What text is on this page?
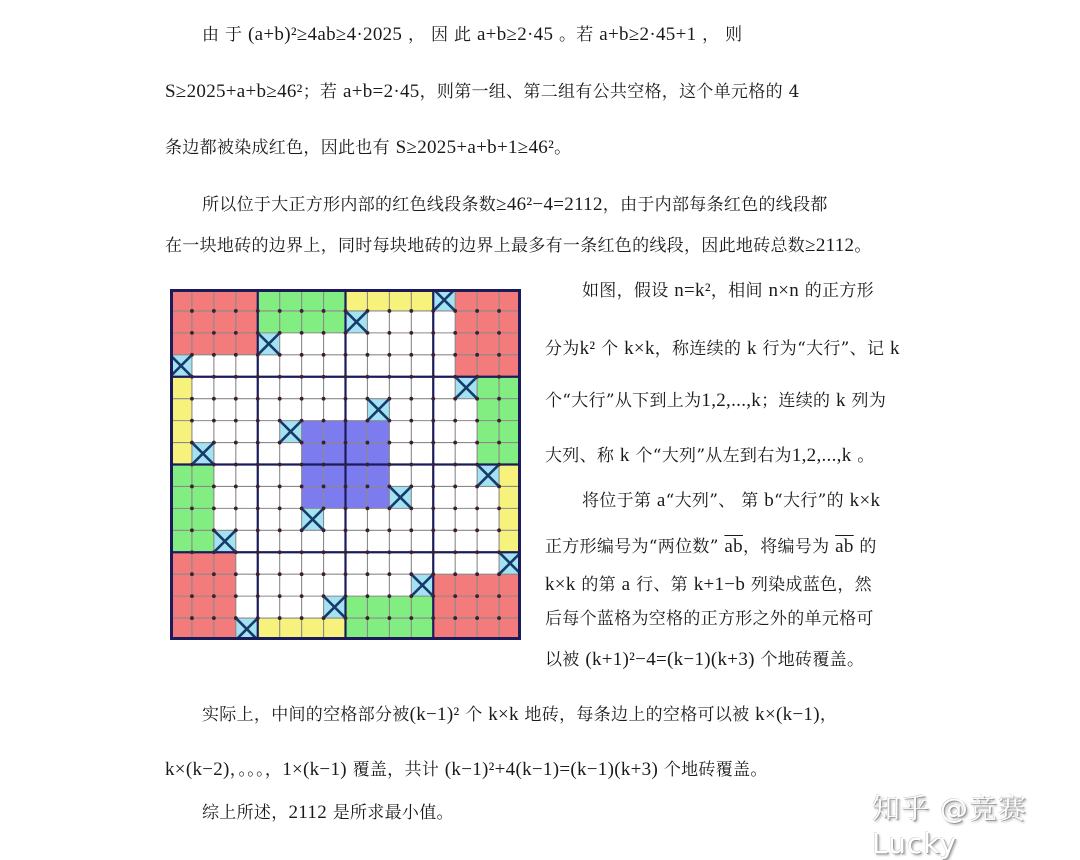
由 于 (a+b)²≥4ab≥4·2025 ， 因 此 a+b≥2·45 。若 a+b≥2·45+1 ， 则
S≥2025+a+b≥46²；若 a+b=2·45，则第一组、第二组有公共空格，这个单元格的 4
条边都被染成红色，因此也有 S≥2025+a+b+1≥46²。
所以位于大正方形内部的红色线段条数≥46²−4=2112，由于内部每条红色的线段都
在一块地砖的边界上，同时每块地砖的边界上最多有一条红色的线段，因此地砖总数≥2112。
如图，假设 n=k²，相间 n×n 的正方形
分为k² 个 k×k，称连续的 k 行为“大行”、记 k
个“大行”从下到上为1,2,...,k；连续的 k 列为
大列、称 k 个“大列”从左到右为1,2,...,k 。
将位于第 a“大列”、 第 b“大行”的 k×k
正方形编号为“两位数” $\overline{ab}$，将编号为 $\overline{ab}$ 的
k×k 的第 a 行、第 k+1−b 列染成蓝色，然
后每个蓝格为空格的正方形之外的单元格可
以被 (k+1)²−4=(k−1)(k+3) 个地砖覆盖。
实际上，中间的空格部分被(k−1)² 个 k×k 地砖，每条边上的空格可以被 k×(k−1)，
k×(k−2)，。。。，1×(k−1) 覆盖，共计 (k−1)²+4(k−1)=(k−1)(k+3) 个地砖覆盖。
综上所述，2112 是所求最小值。	知乎 @竞赛Lucky
